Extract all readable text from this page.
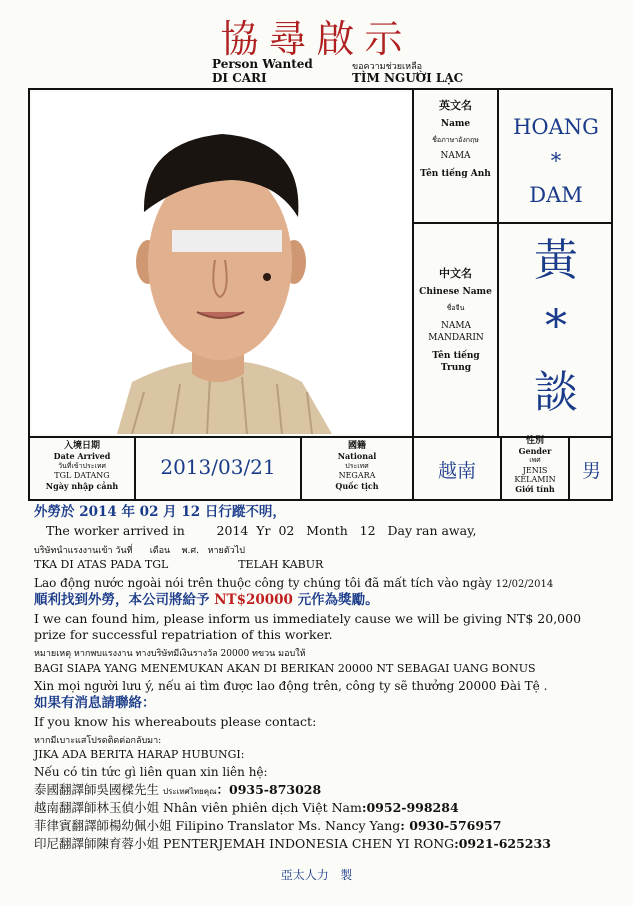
協尋啟示
Person Wanted
DI CARI
ขอความช่วยเหลือ
TÌM NGƯỜI LẠC
英文名
Name
ชื่อภาษาอังกฤษ
NAMA
Tên tiếng Anh
HOANG
*
DAM
中文名
Chinese Name
ชื่อจีน
NAMA MANDARIN
Tên tiếng Trung
黃
*
談
入境日期
Date Arrived
วันที่เข้าประเทศ
TGL DATANG
Ngày nhập cảnh
2013/03/21
國籍
National
ประเทศ
NEGARA
Quốc tịch
越南
性別
Gender
เพศ
JENIS KELAMIN
Giới tính
男
外勞於 2014 年 02 月 12 日行蹤不明，
The worker arrived in        2014  Yr  02   Month   12   Day ran away,
บริษัทนำแรงงานเข้า วันที่      เดือน    พ.ศ.   หายตัวไป
TKA DI ATAS PADA TGL                    TELAH KABUR
Lao động nước ngoài nói trên thuộc công ty chúng tôi đã mất tích vào ngày 12/02/2014
順利找到外勞，本公司將給予 NT$20000 元作為獎勵。
I we can found him, please inform us immediately cause we will be giving NT$ 20,000
prize for successful repatriation of this worker.
หมายเหตุ หากพบแรงงาน ทางบริษัทมีเงินรางวัล 20000 ทขวน มอบให้
BAGI SIAPA YANG MENEMUKAN AKAN DI BERIKAN 20000 NT SEBAGAI UANG BONUS
Xin mọi người lưu ý, nếu ai tìm được lao động trên, công ty sẽ thưởng 20000 Đài Tệ .
如果有消息請聯絡：
If you know his whereabouts please contact:
หากมีเบาะแสโปรดติดต่อกลับมา:
JIKA ADA BERITA HARAP HUBUNGI:
Nếu có tin tức gì liên quan xin liên hệ:
泰國翻譯師吳國樑先生 ประเทศไทยคุณ：0935-873028
越南翻譯師林玉偵小姐 Nhân viên phiên dịch Việt Nam:0952-998284
菲律賓翻譯師楊幼佩小姐 Filipino Translator Ms. Nancy Yang: 0930-576957
印尼翻譯師陳育蓉小姐 PENTERJEMAH INDONESIA CHEN YI RONG:0921-625233
亞太人力   製
